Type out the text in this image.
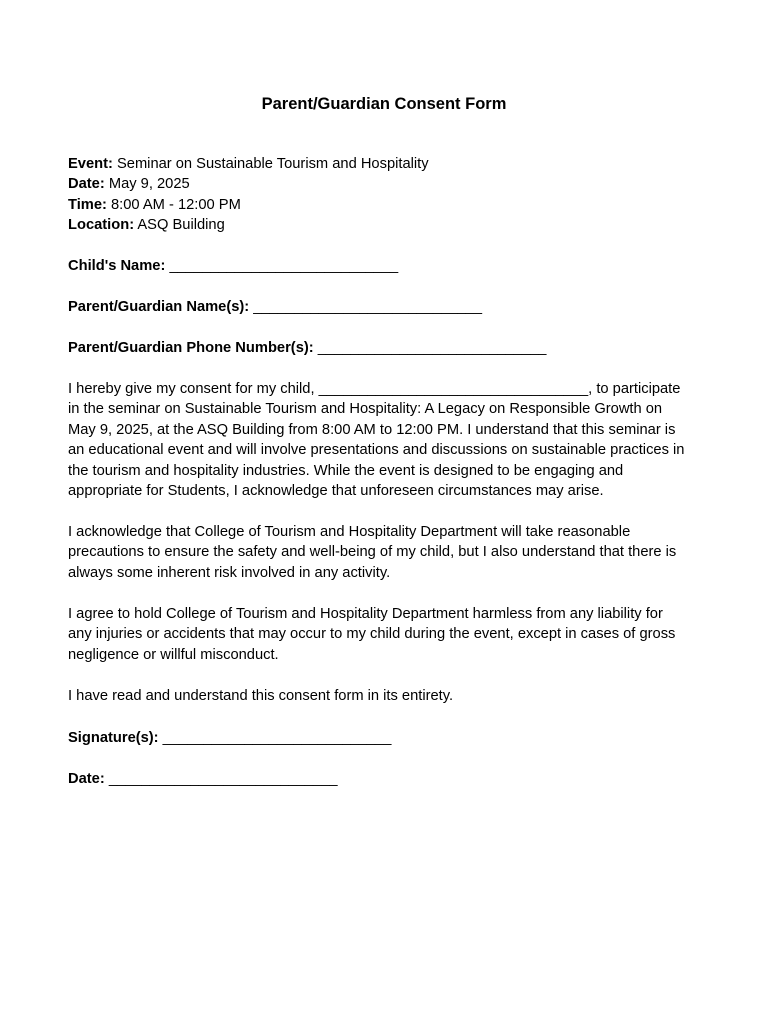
Parent/Guardian Consent Form
Event: Seminar on Sustainable Tourism and Hospitality
Date: May 9, 2025
Time: 8:00 AM - 12:00 PM
Location: ASQ Building
Child's Name: ____________________________
Parent/Guardian Name(s): ____________________________
Parent/Guardian Phone Number(s): ____________________________
I hereby give my consent for my child, _________________________________, to participate
in the seminar on Sustainable Tourism and Hospitality: A Legacy on Responsible Growth on
May 9, 2025, at the ASQ Building from 8:00 AM to 12:00 PM. I understand that this seminar is
an educational event and will involve presentations and discussions on sustainable practices in
the tourism and hospitality industries. While the event is designed to be engaging and
appropriate for Students, I acknowledge that unforeseen circumstances may arise.
I acknowledge that College of Tourism and Hospitality Department will take reasonable
precautions to ensure the safety and well-being of my child, but I also understand that there is
always some inherent risk involved in any activity.
I agree to hold College of Tourism and Hospitality Department harmless from any liability for
any injuries or accidents that may occur to my child during the event, except in cases of gross
negligence or willful misconduct.
I have read and understand this consent form in its entirety.
Signature(s): ____________________________
Date: ____________________________
